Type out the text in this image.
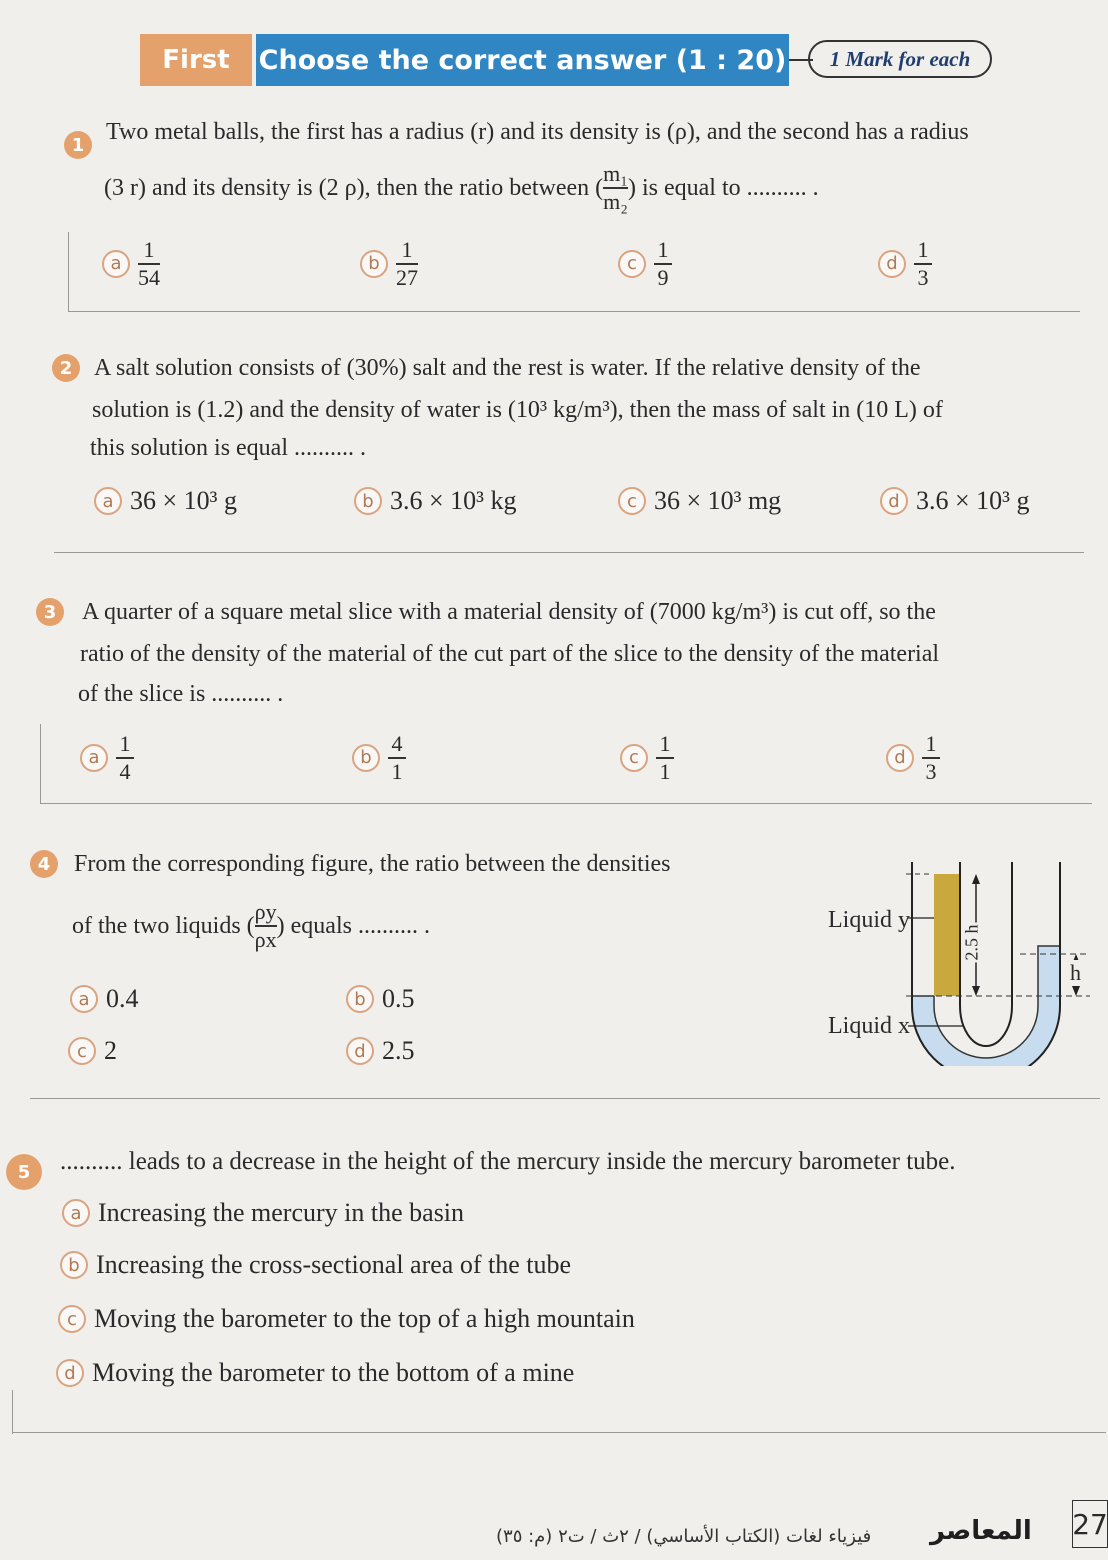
First	Choose the correct answer (1 : 20)	1 Mark for each
1 Two metal balls, the first has a radius (r) and its density is (ρ), and the second has a radius
(3 r) and its density is (2 ρ), then the ratio between ( $\frac{\text{m₁}}{\text{m₂}}$ ) is equal to .......... .
a $\frac{1}{54}$	b $\frac{1}{27}$	c $\frac{1}{9}$	d $\frac{1}{3}$
2 A salt solution consists of (30%) salt and the rest is water. If the relative density of the
solution is (1.2) and the density of water is (10³ kg/m³), then the mass of salt in (10 L) of
this solution is equal .......... .
a 36 × 10³ g	b 3.6 × 10³ kg	c 36 × 10³ mg	d 3.6 × 10³ g
3	A quarter of a square metal slice with a material density of (7000 kg/m³) is cut off, so the
ratio of the density of the material of the cut part of the slice to the density of the material
of the slice is .......... .
a $\frac{1}{4}$	b $\frac{4}{1}$	c $\frac{1}{1}$	d $\frac{1}{3}$
4 From the corresponding figure, the ratio between the densities
of the two liquids ( $\frac{\rho y}{\rho x}$ ) equals .......... .
a 0.4	b 0.5
c 2	d 2.5
Liquid y
Liquid x
2.5 h
h
5	.......... leads to a decrease in the height of the mercury inside the mercury barometer tube.
a Increasing the mercury in the basin
b Increasing the cross-sectional area of the tube
c Moving the barometer to the top of a high mountain
d Moving the barometer to the bottom of a mine
فيزياء لغات (الكتاب الأساسي) / ٢ث / ت٢ (م: ٣٥) المعاصر 27
